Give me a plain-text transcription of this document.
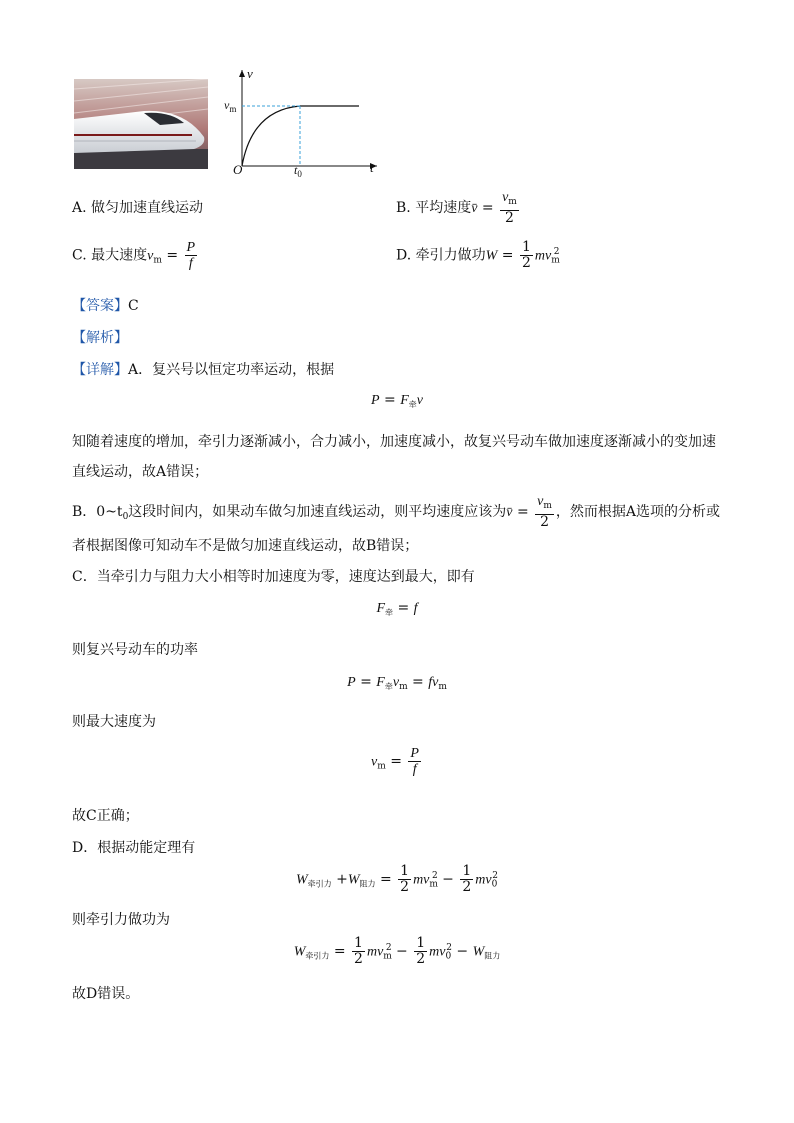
v
t
O
$v_m$
$t_0$
A. 做匀加速直线运动	B. 平均速度v̄ = $\frac{v_m}{2}$
C. 最大速度$v_m = \frac{P}{f}$	D. 牵引力做功$W = \frac{1}{2} mv_m^2$
【答案】C
【解析】
【详解】A．复兴号以恒定功率运动，根据
$P = F_牵v$
知随着速度的增加，牵引力逐渐减小，合力减小，加速度减小，故复兴号动车做加速度逐渐减小的变加速
直线运动，故A错误；
B．$0\sim t_0$这段时间内，如果动车做匀加速直线运动，则平均速度应该为v̄ = $\frac{v_m}{2}$ ，然而根据A选项的分析或
者根据图像可知动车不是做匀加速直线运动，故B错误；
C．当牵引力与阻力大小相等时加速度为零，速度达到最大，即有
$F_牵 = f$
则复兴号动车的功率
$P = F_牵v_m = fv_m$
则最大速度为
$v_m = \frac{P}{f}$
故C正确；
D．根据动能定理有
$W_{牵引力} +W_{阻力} = \frac{1}{2} mv_m^2 - \frac{1}{2} mv_0^2$
则牵引力做功为
$W_{牵引力} = \frac{1}{2} mv_m^2 - \frac{1}{2} mv_0^2 - W_{阻力}$
故D错误。
